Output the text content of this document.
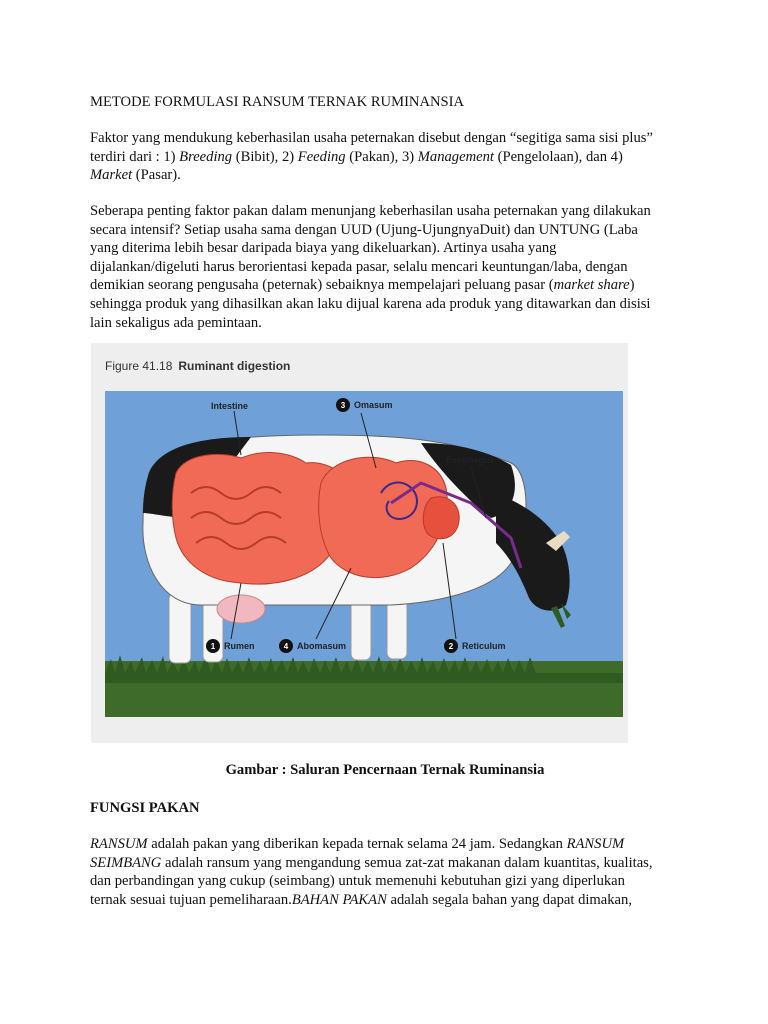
METODE FORMULASI RANSUM TERNAK RUMINANSIA
Faktor yang mendukung keberhasilan usaha peternakan disebut dengan “segitiga sama sisi plus”
terdiri dari : 1) Breeding (Bibit), 2) Feeding (Pakan), 3) Management (Pengelolaan), dan 4)
Market (Pasar).
Seberapa penting faktor pakan dalam menunjang keberhasilan usaha peternakan yang dilakukan
secara intensif? Setiap usaha sama dengan UUD (Ujung-UjungnyaDuit) dan UNTUNG (Laba
yang diterima lebih besar daripada biaya yang dikeluarkan). Artinya usaha yang
dijalankan/digeluti harus berorientasi kepada pasar, selalu mencari keuntungan/laba, dengan
demikian seorang pengusaha (peternak) sebaiknya mempelajari peluang pasar (market share)
sehingga produk yang dihasilkan akan laku dijual karena ada produk yang ditawarkan dan disisi
lain sekaligus ada pemintaan.
Intestine	3 Omasum
Esophagus
1 Rumen	4 Abomasum	2 Reticulum
Figure 41.18 Ruminant digestion
Gambar : Saluran Pencernaan Ternak Ruminansia
FUNGSI PAKAN
RANSUM adalah pakan yang diberikan kepada ternak selama 24 jam. Sedangkan RANSUM
SEIMBANG adalah ransum yang mengandung semua zat-zat makanan dalam kuantitas, kualitas,
dan perbandingan yang cukup (seimbang) untuk memenuhi kebutuhan gizi yang diperlukan
ternak sesuai tujuan pemeliharaan.BAHAN PAKAN adalah segala bahan yang dapat dimakan,
